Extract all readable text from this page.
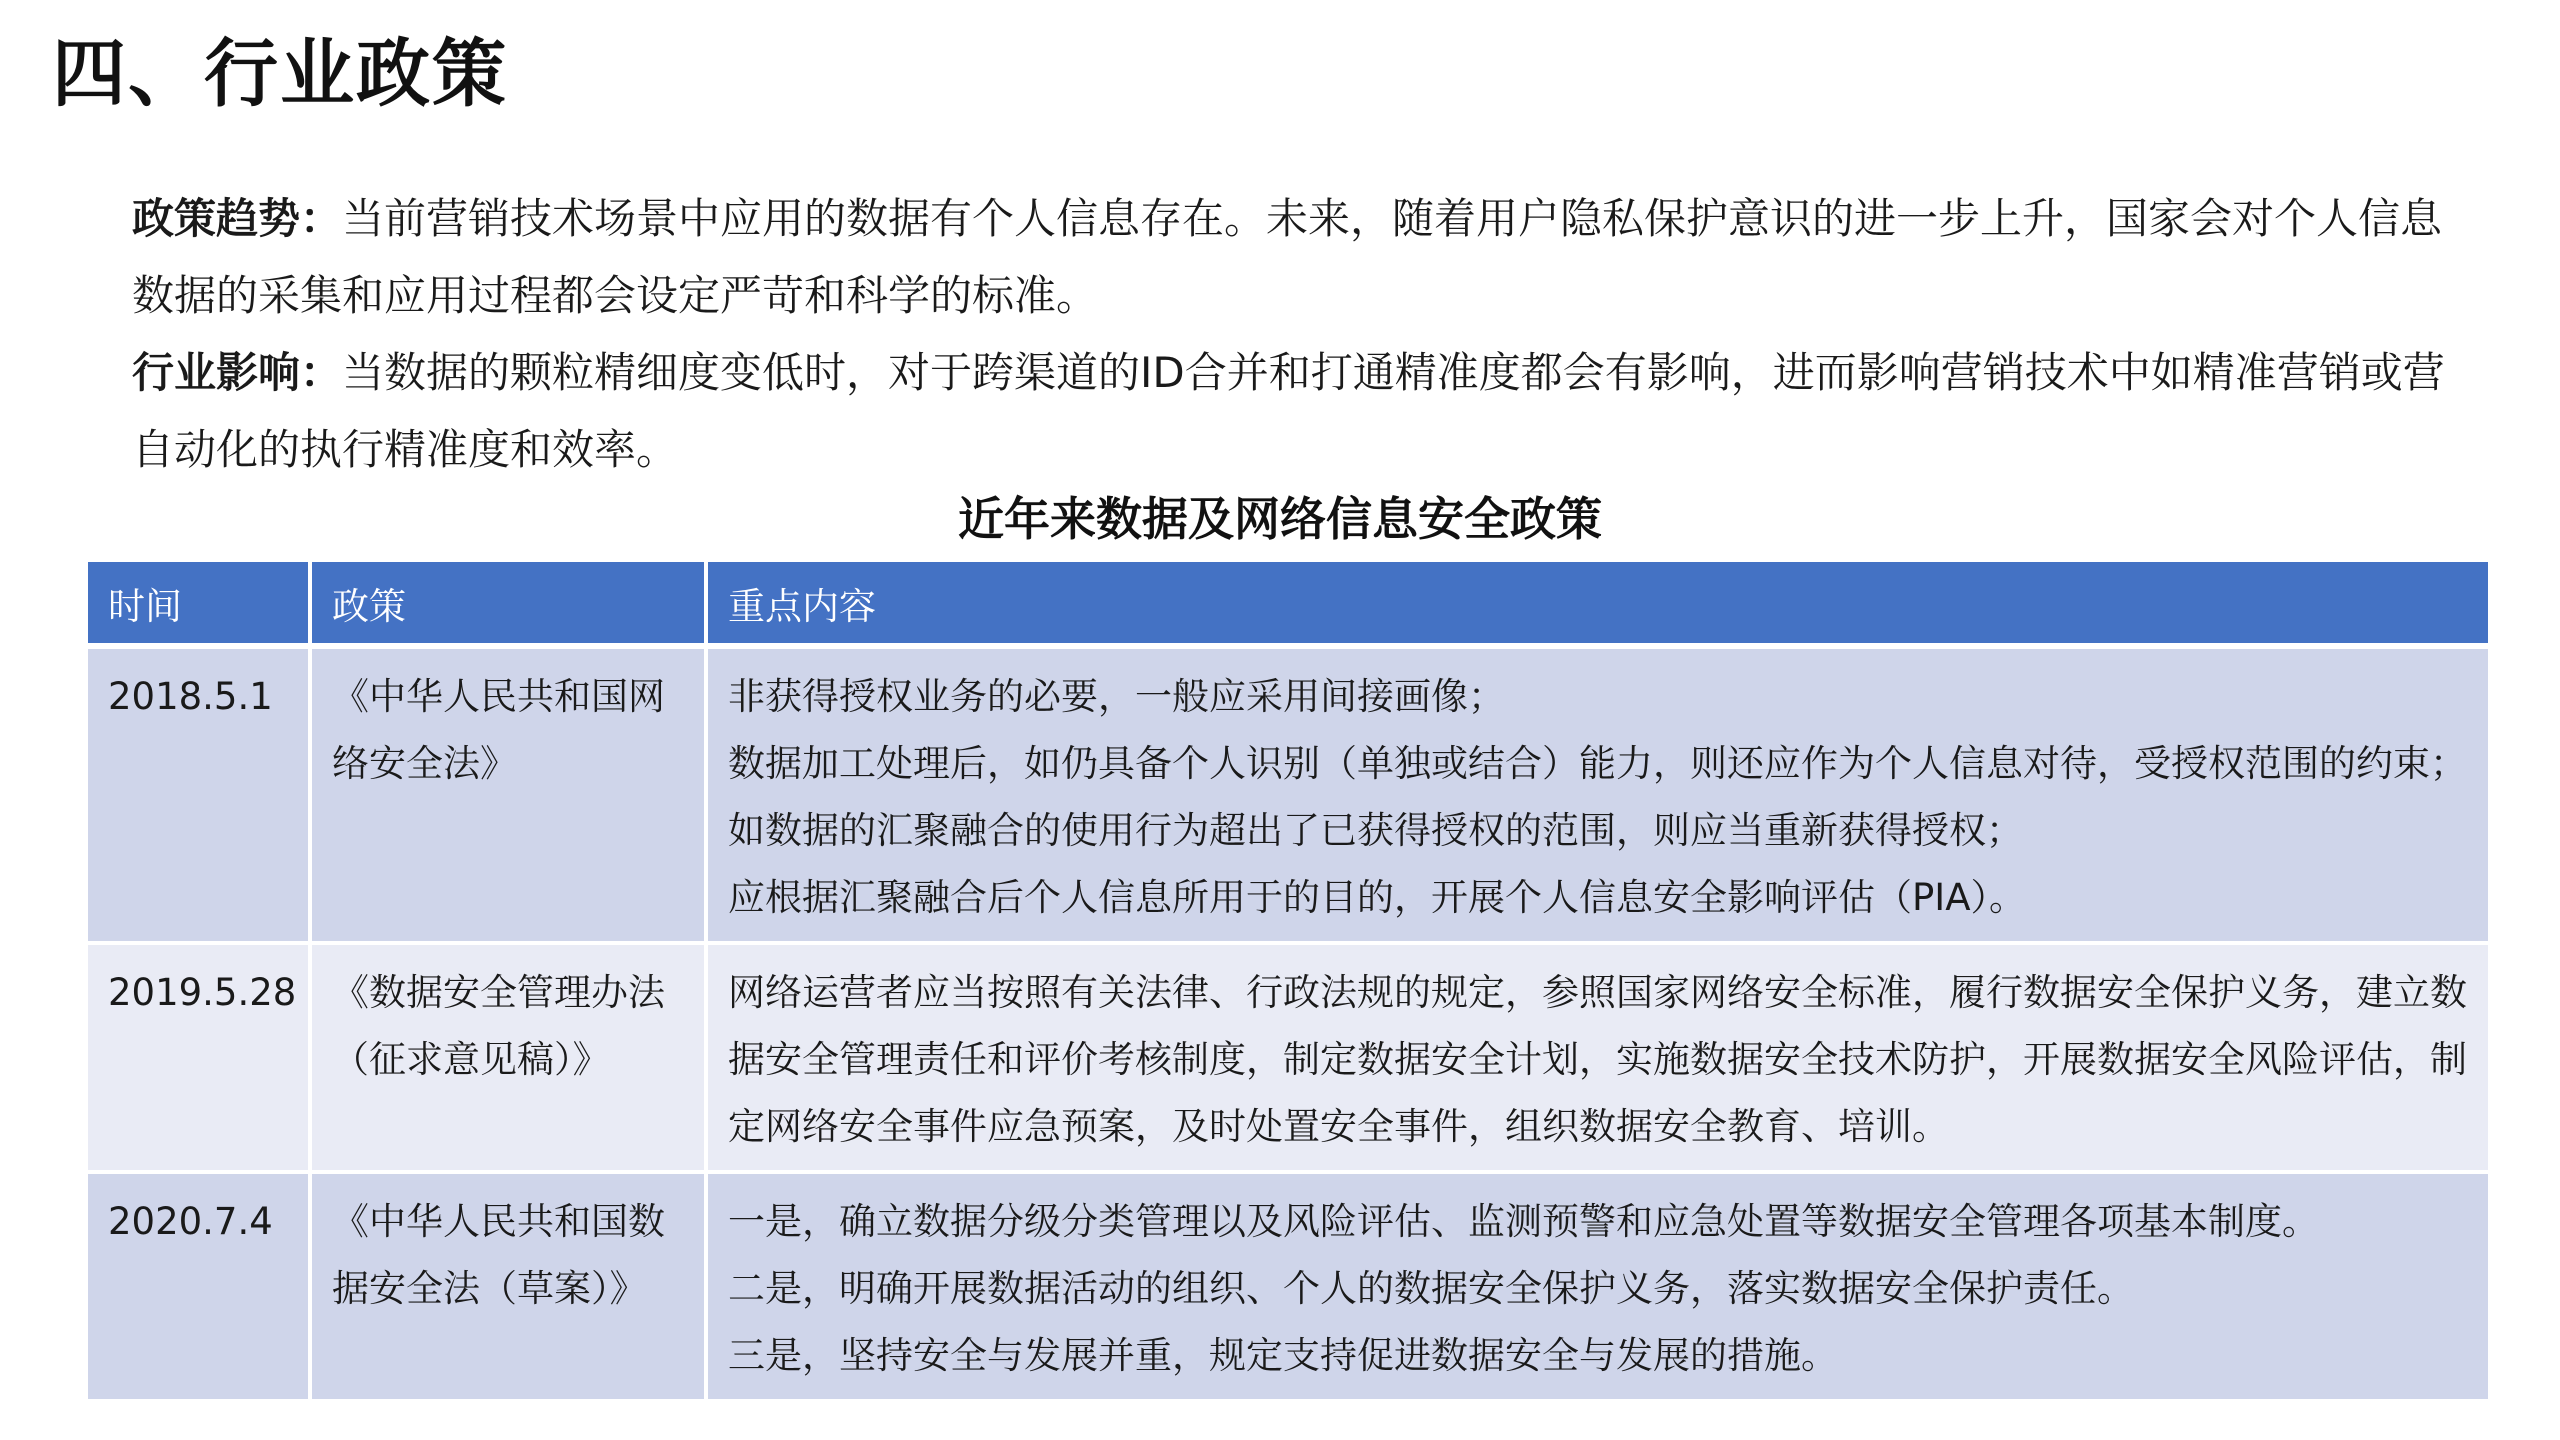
四、行业政策

政策趋势：当前营销技术场景中应用的数据有个人信息存在。未来，随着用户隐私保护意识的进一步上升，国家会对个人信息数据的采集和应用过程都会设定严苛和科学的标准。

行业影响：当数据的颗粒精细度变低时，对于跨渠道的ID合并和打通精准度都会有影响，进而影响营销技术中如精准营销或营自动化的执行精准度和效率。

近年来数据及网络信息安全政策
时间	政策	重点内容
2018.5.1	《中华人民共和国网络安全法》	非获得授权业务的必要，一般应采用间接画像；
数据加工处理后，如仍具备个人识别（单独或结合）能力，则还应作为个人信息对待，受授权范围的约束；
如数据的汇聚融合的使用行为超出了已获得授权的范围，则应当重新获得授权；
应根据汇聚融合后个人信息所用于的目的，开展个人信息安全影响评估（PIA）。

2019.5.28	《数据安全管理办法（征求意见稿）》	网络运营者应当按照有关法律、行政法规的规定，参照国家网络安全标准，履行数据安全保护义务，建立数据安全管理责任和评价考核制度，制定数据安全计划，实施数据安全技术防护，开展数据安全风险评估，制定网络安全事件应急预案，及时处置安全事件，组织数据安全教育、培训。
2020.7.4	《中华人民共和国数据安全法（草案）》	一是，确立数据分级分类管理以及风险评估、监测预警和应急处置等数据安全管理各项基本制度。
二是，明确开展数据活动的组织、个人的数据安全保护义务，落实数据安全保护责任。
三是，坚持安全与发展并重，规定支持促进数据安全与发展的措施。
